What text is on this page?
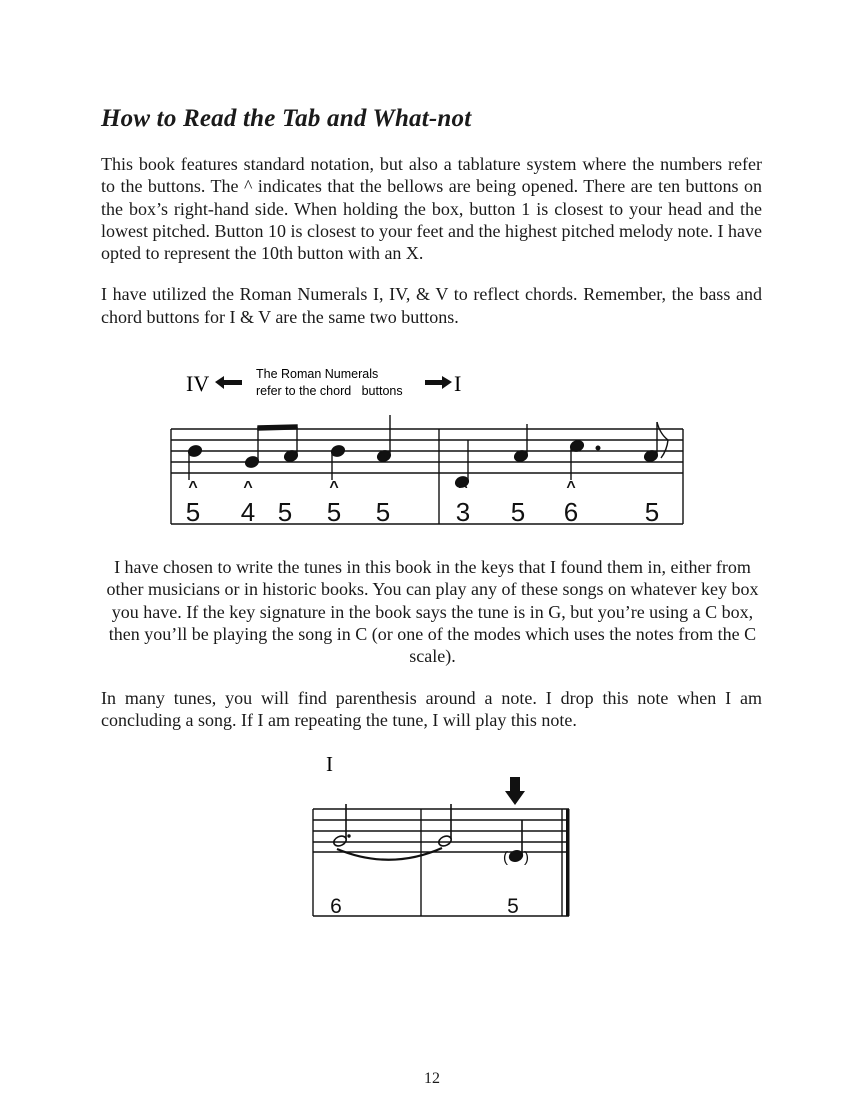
How to Read the Tab and What-not

This book features standard notation, but also a tablature system where the numbers refer to the buttons. The ^ indicates that the bellows are being opened. There are ten buttons on the box’s right-hand side. When holding the box, button 1 is closest to your head and the lowest pitched. Button 10 is closest to your feet and the highest pitched melody note. I have opted to represent the 10th button with an X.

I have utilized the Roman Numerals I, IV, & V to reflect chords. Remember, the bass and chord buttons for I & V are the same two buttons.

IV	The Roman Numerals
refer to the chord   buttons I
^	^	^	^	^
5 4 5 5 5	3 5 6	5

I have chosen to write the tunes in this book in the keys that I found them in, either from other musicians or in historic books. You can play any of these songs on whatever key box you have. If the key signature in the book says the tune is in G, but you’re using a C box, then you’ll be playing the song in C (or one of the modes which uses the notes from the C scale).

In many tunes, you will find parenthesis around a note. I drop this note when I am concluding a song. If I am repeating the tune, I will play this note.

I
( )
6	5
12
